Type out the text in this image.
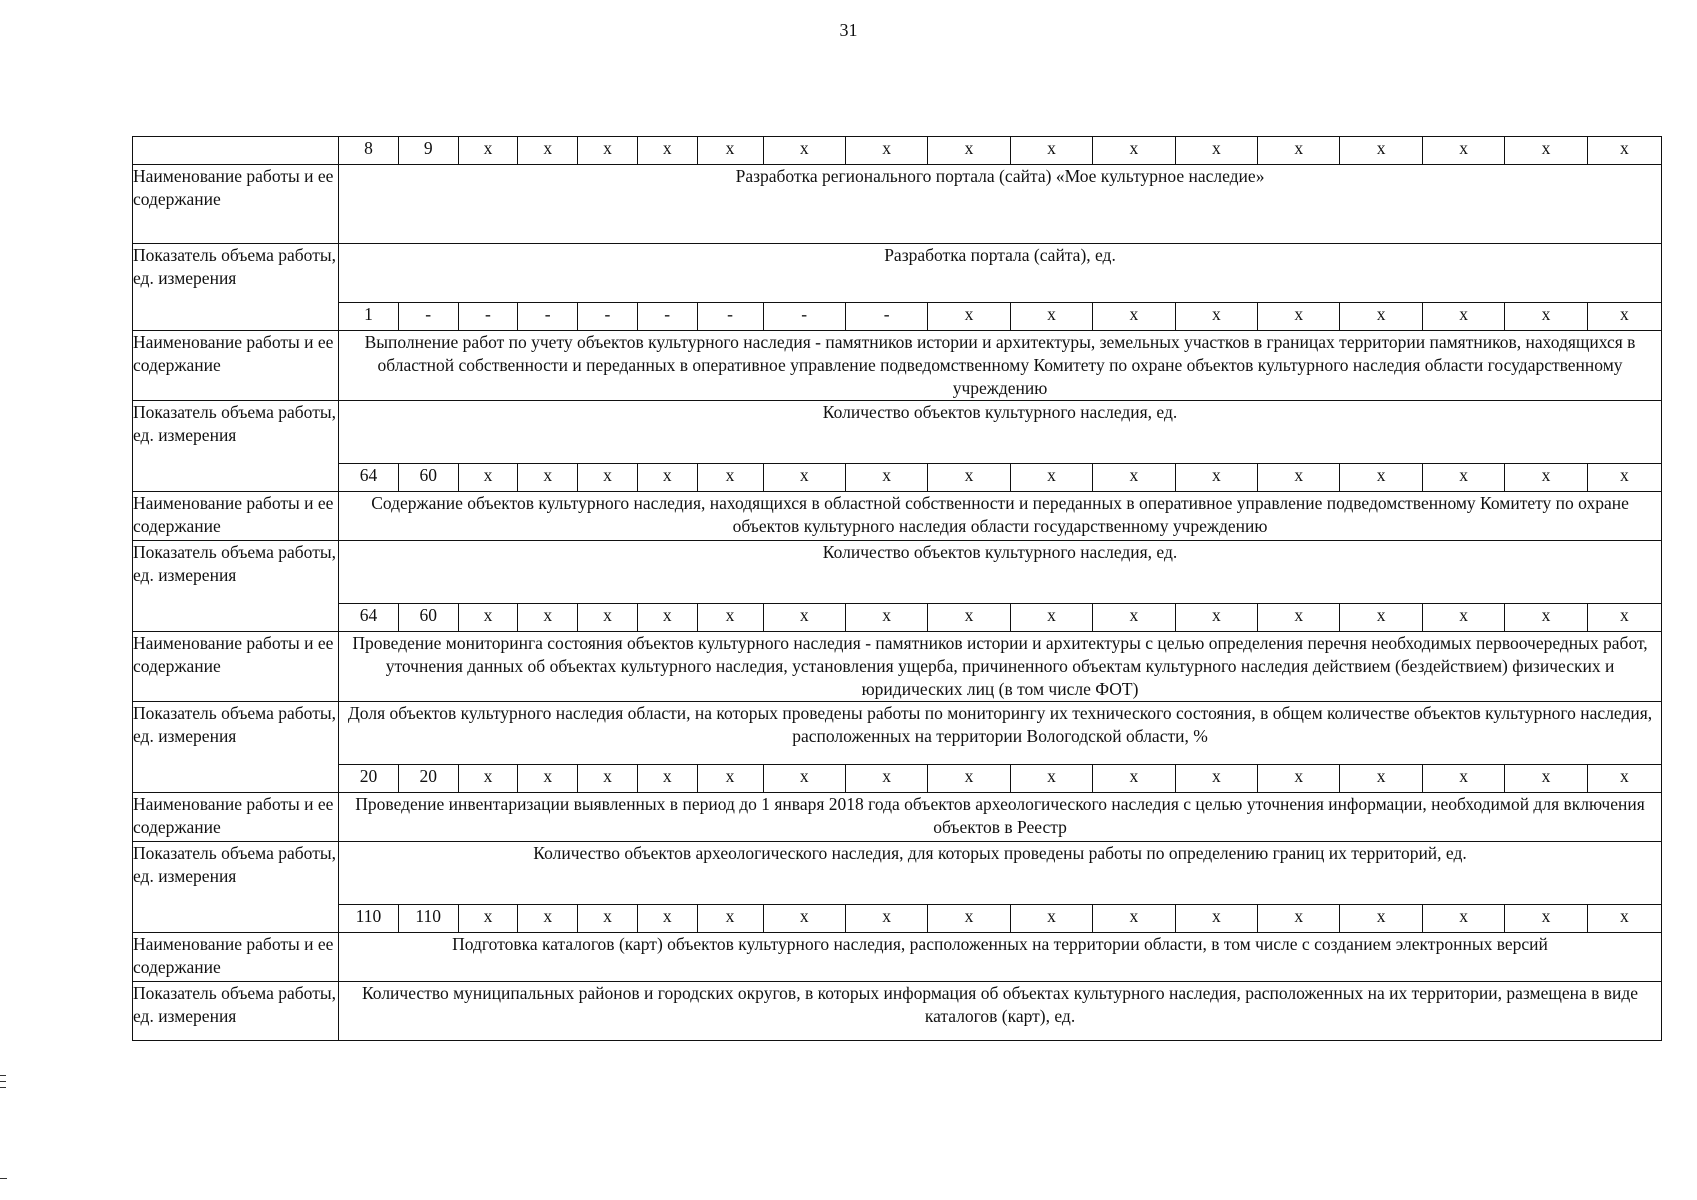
31
	8	9	x	x	x	x	x	x	x	x	x	x	x	x	x	x	x	x
Наименование работы и ее содержание	Разработка регионального портала (сайта) «Мое культурное наследие»																	
Показатель объема работы, ед. измерения	Разработка портала (сайта), ед.																	
	1	-	-	-	-	-	-	-	-	x	x	x	x	x	x	x	x	x
Наименование работы и ее содержание	Выполнение работ по учету объектов культурного наследия - памятников истории и архитектуры, земельных участков в границах территории памятников, находящихся в областной собственности и переданных в оперативное управление подведомственному Комитету по охране объектов культурного наследия области государственному учреждению																	
Показатель объема работы, ед. измерения	Количество объектов культурного наследия, ед.																	
	64	60	x	x	x	x	x	x	x	x	x	x	x	x	x	x	x	x
Наименование работы и ее содержание	Содержание объектов культурного наследия, находящихся в областной собственности и переданных в оперативное управление подведомственному Комитету по охране объектов культурного наследия области государственному учреждению																	
Показатель объема работы, ед. измерения	Количество объектов культурного наследия, ед.																	
	64	60	x	x	x	x	x	x	x	x	x	x	x	x	x	x	x	x
Наименование работы и ее содержание	Проведение мониторинга состояния объектов культурного наследия - памятников истории и архитектуры с целью определения перечня необходимых первоочередных работ, уточнения данных об объектах культурного наследия, установления ущерба, причиненного объектам культурного наследия действием (бездействием) физических и юридических лиц (в том числе ФОТ)																	
Показатель объема работы, ед. измерения	Доля объектов культурного наследия области, на которых проведены работы по мониторингу их технического состояния, в общем количестве объектов культурного наследия, расположенных на территории Вологодской области, %																	
	20	20	x	x	x	x	x	x	x	x	x	x	x	x	x	x	x	x
Наименование работы и ее содержание	Проведение инвентаризации выявленных в период до 1 января 2018 года объектов археологического наследия с целью уточнения информации, необходимой для включения объектов в Реестр																	
Показатель объема работы, ед. измерения	Количество объектов археологического наследия, для которых проведены работы по определению границ их территорий, ед.																	
	110	110	x	x	x	x	x	x	x	x	x	x	x	x	x	x	x	x
Наименование работы и ее содержание	Подготовка каталогов (карт) объектов культурного наследия, расположенных на территории области, в том числе с созданием электронных версий																	
Показатель объема работы, ед. измерения	Количество муниципальных районов и городских округов, в которых информация об объектах культурного наследия, расположенных на их территории, размещена в виде каталогов (карт), ед.																	
